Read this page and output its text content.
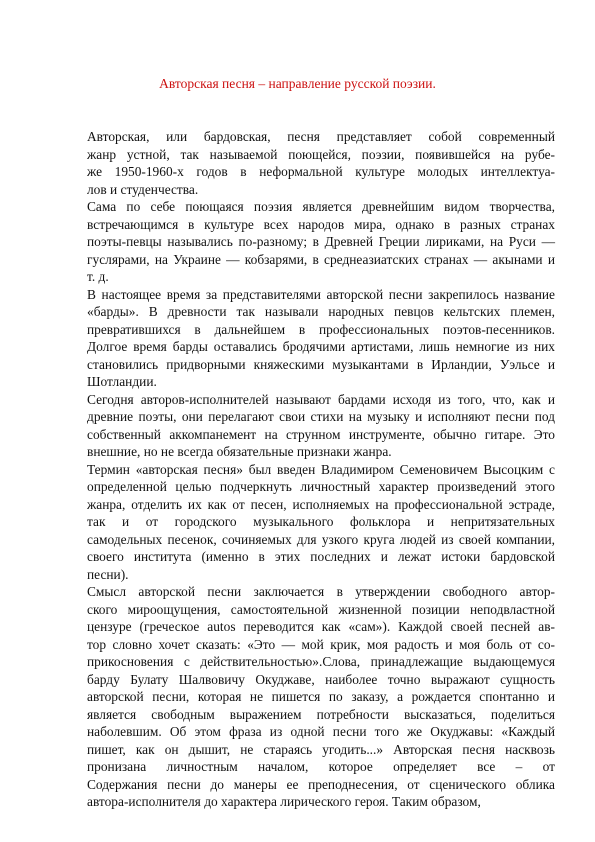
Авторская песня – направление русской поэзии.
Авторская, или бардовская, песня представляет собой современный
жанр устной, так называемой поющейся, поэзии, появившейся на рубе-
же 1950-1960-х годов в неформальной культуре молодых интеллектуа-
лов и студенчества.
Сама по себе поющаяся поэзия является древнейшим видом творчества,
встречающимся в культуре всех народов мира, однако в разных странах
поэты-певцы назывались по-разному; в Древней Греции лириками, на Руси —
гуслярами, на Украине — кобзарями, в среднеазиатских странах — акынами и
т. д.
В настоящее время за представителями авторской песни закрепилось название
«барды». В древности так называли народных певцов кельтских племен,
превратившихся в дальнейшем в профессиональных поэтов-песенников.
Долгое время барды оставались бродячими артистами, лишь немногие из них
становились придворными княжескими музыкантами в Ирландии, Уэльсе и
Шотландии.
Сегодня авторов-исполнителей называют бардами исходя из того, что, как и
древние поэты, они перелагают свои стихи на музыку и исполняют песни под
собственный аккомпанемент на струнном инструменте, обычно гитаре. Это
внешние, но не всегда обязательные признаки жанра.
Термин «авторская песня» был введен Владимиром Семеновичем Высоцким с
определенной целью подчеркнуть личностный характер произведений этого
жанра, отделить их как от песен, исполняемых на профессиональной эстраде,
так и от городского музыкального фольклора и непритязательных
самодельных песенок, сочиняемых для узкого круга людей из своей компании,
своего института (именно в этих последних и лежат истоки бардовской
песни).
Смысл авторской песни заключается в утверждении свободного автор-
ского мироощущения, самостоятельной жизненной позиции неподвластной
цензуре (греческое autos переводится как «сам»). Каждой своей песней ав-
тор словно хочет сказать: «Это — мой крик, моя радость и моя боль от со-
прикосновения с действительностью».Слова, принадлежащие выдающемуся
барду Булату Шалвовичу Окуджаве, наиболее точно выражают сущность
авторской песни, которая не пишется по заказу, а рождается спонтанно и
является свободным выражением потребности высказаться, поделиться
наболевшим. Об этом фраза из одной песни того же Окуджавы: «Каждый
пишет, как он дышит, не стараясь угодить...» Авторская песня насквозь
пронизана личностным началом, которое определяет все – от
Содержания песни до манеры ее преподнесения, от сценического облика
автора-исполнителя до характера лирического героя. Таким образом,
